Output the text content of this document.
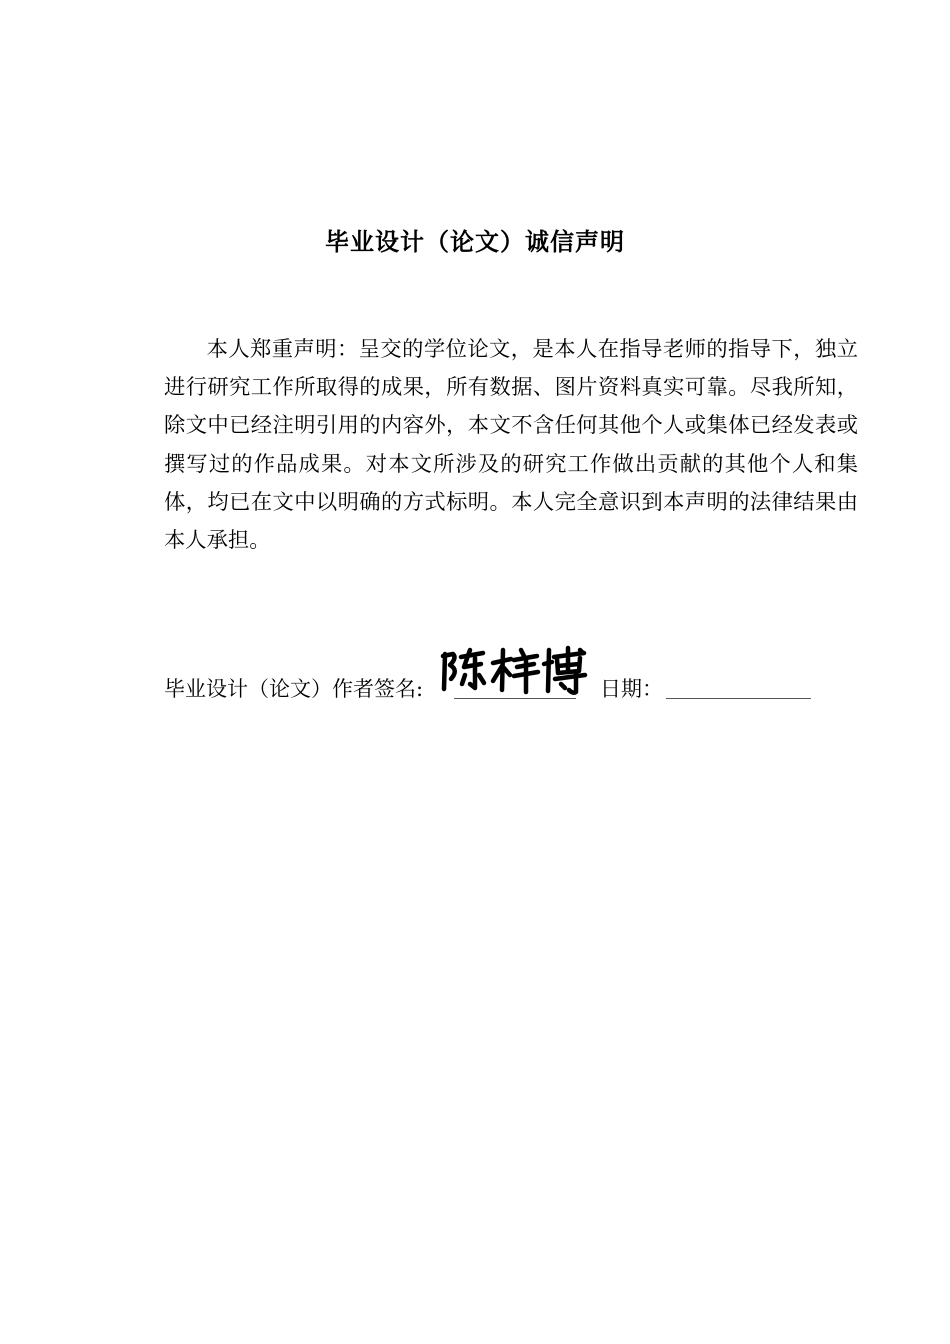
毕业设计（论文）诚信声明

本人郑重声明：呈交的学位论文，是本人在指导老师的指导下，独立进行研究工作所取得的成果，所有数据、图片资料真实可靠。尽我所知，除文中已经注明引用的内容外，本文不含任何其他个人或集体已经发表或撰写过的作品成果。对本文所涉及的研究工作做出贡献的其他个人和集体，均已在文中以明确的方式标明。本人完全意识到本声明的法律结果由本人承担。

毕业设计（论文）作者签名:	日期：
